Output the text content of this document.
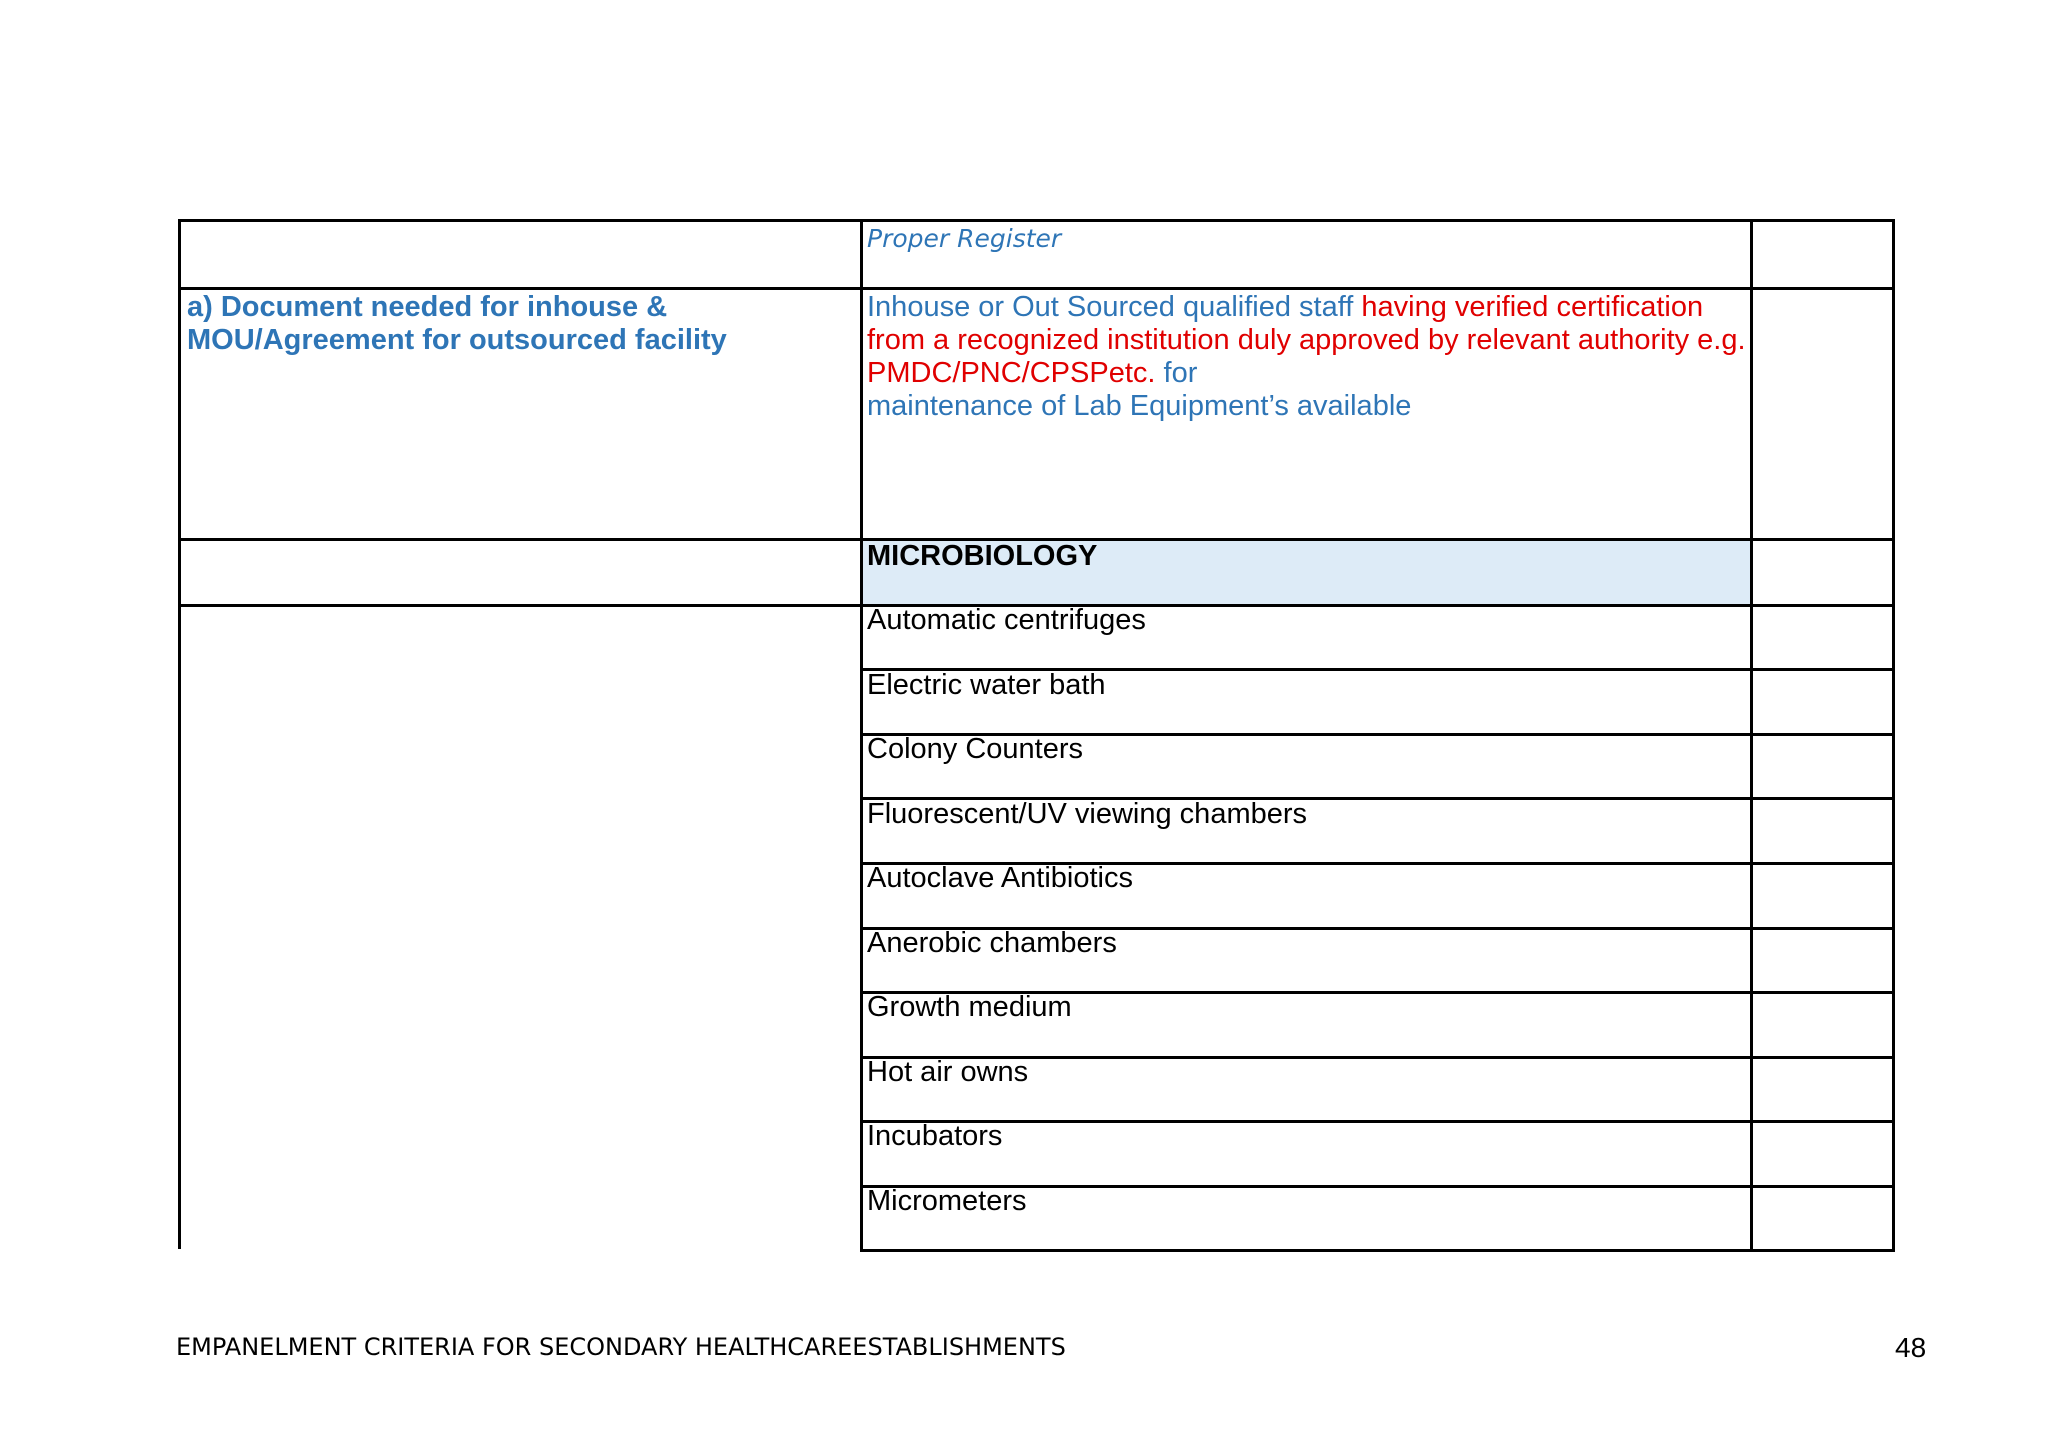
Proper Register
a) Document needed for inhouse &
MOU/Agreement for outsourced facility
Inhouse or Out Sourced qualified staff having verified certification
from a recognized institution duly approved by relevant authority e.g.
PMDC/PNC/CPSPetc. for
maintenance of Lab Equipment’s available
MICROBIOLOGY
Automatic centrifuges
Electric water bath
Colony Counters
Fluorescent/UV viewing chambers
Autoclave Antibiotics
Anerobic chambers
Growth medium
Hot air owns
Incubators
Micrometers
EMPANELMENT CRITERIA FOR SECONDARY HEALTHCAREESTABLISHMENTS	48
